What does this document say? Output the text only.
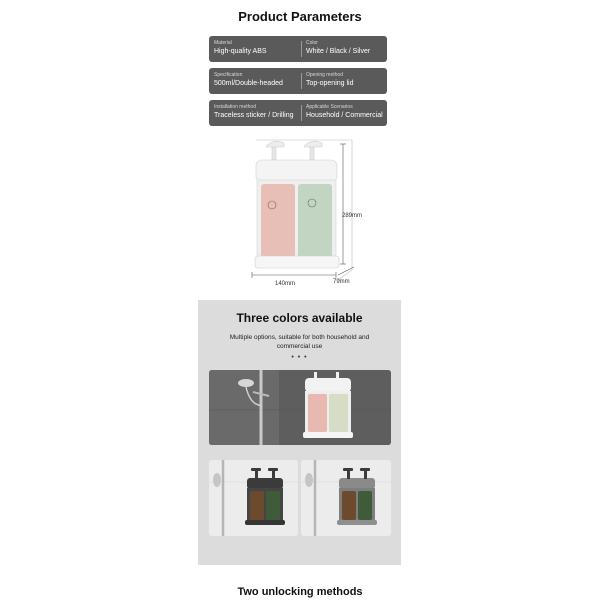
Product Parameters
Material
High-quality ABS
Color
White / Black / Silver
Specification
500ml/Double-headed
Opening method
Top-opening lid
Installation method
Traceless sticker / Drilling
Applicable Scenarios
Household / Commercial
289mm
140mm	79mm
Three colors available
Multiple options, suitable for both household and commercial use
• • •
Two unlocking methods
